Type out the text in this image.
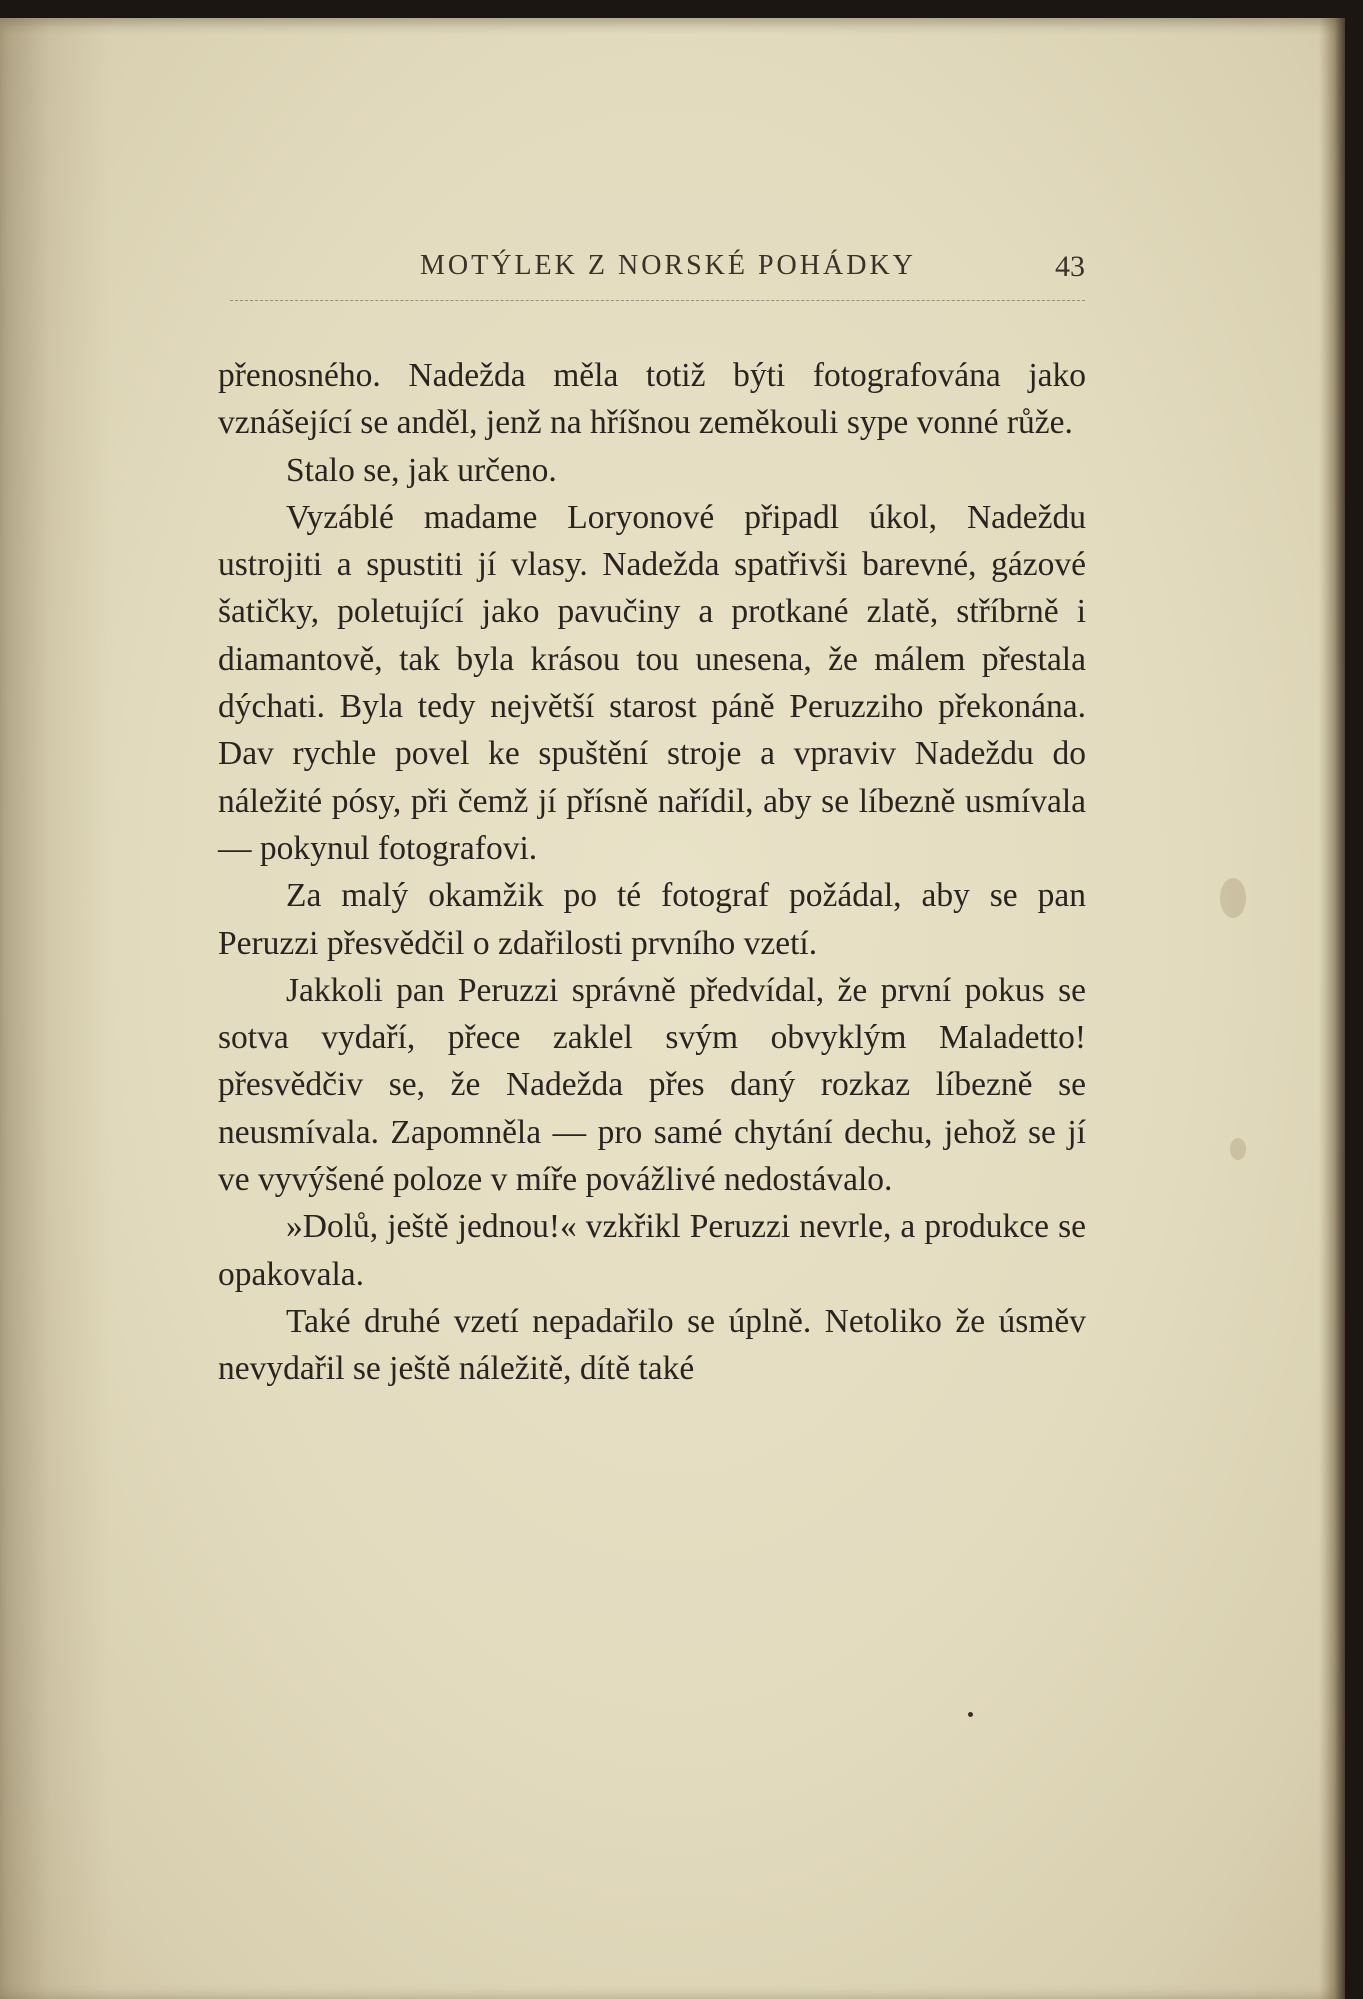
MOTÝLEK Z NORSKÉ POHÁDKY	43

přenosného. Nadežda měla totiž býti fotografována jako vznášející se anděl, jenž na hříšnou zeměkouli sype vonné růže.

Stalo se, jak určeno.

Vyzáblé madame Loryonové připadl úkol, Nadeždu ustrojiti a spustiti jí vlasy. Nadežda spatřivši barevné, gázové šatičky, poletující jako pavučiny a protkané zlatě, stříbrně i diamantově, tak byla krásou tou unesena, že málem přestala dýchati. Byla tedy největší starost páně Peruzziho překonána. Dav rychle povel ke spuštění stroje a vpraviv Nadeždu do náležité pósy, při čemž jí přísně nařídil, aby se líbezně usmívala — pokynul fotografovi.

Za malý okamžik po té fotograf požádal, aby se pan Peruzzi přesvědčil o zdařilosti prvního vzetí.

Jakkoli pan Peruzzi správně předvídal, že první pokus se sotva vydaří, přece zaklel svým obvyklým Maladetto! přesvědčiv se, že Nadežda přes daný rozkaz líbezně se neusmívala. Zapomněla — pro samé chytání dechu, jehož se jí ve vyvýšené poloze v míře povážlivé nedostávalo.

»Dolů, ještě jednou!« vzkřikl Peruzzi nevrle, a produkce se opakovala.

Také druhé vzetí nepadařilo se úplně. Netoliko že úsměv nevydařil se ještě náležitě, dítě také
